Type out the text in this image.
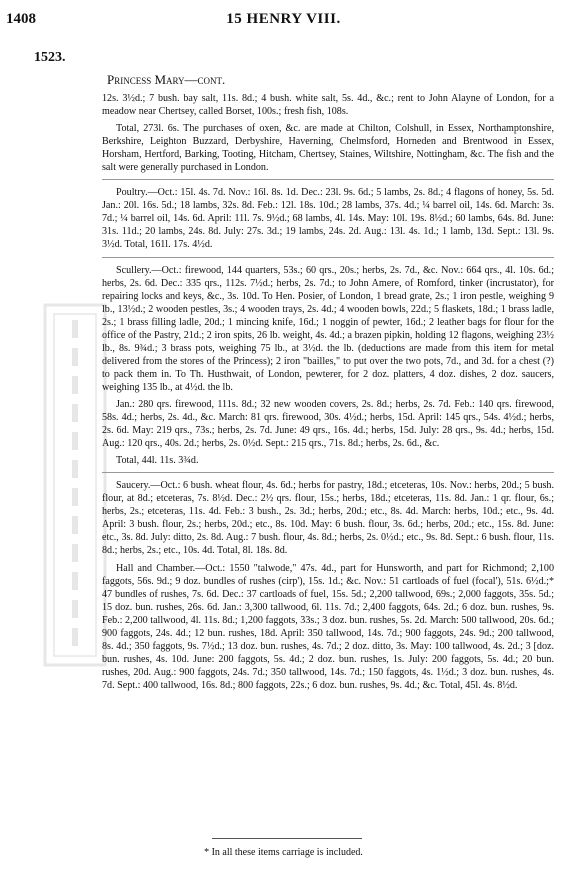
1408	15 HENRY VIII.
1523.
Princess Mary—cont.

12s. 3½d.; 7 bush. bay salt, 11s. 8d.; 4 bush. white salt, 5s. 4d., &c.; rent to John Alayne of London, for a meadow near Chertsey, called Borset, 100s.; fresh fish, 108s.

Total, 273l. 6s. The purchases of oxen, &c. are made at Chilton, Colshull, in Essex, Northamptonshire, Berkshire, Leighton Buzzard, Derbyshire, Haverning, Chelmsford, Horneden and Brentwood in Essex, Horsham, Hertford, Barking, Tooting, Hitcham, Chertsey, Staines, Wiltshire, Nottingham, &c. The fish and the salt were generally purchased in London.

Poultry.—Oct.: 15l. 4s. 7d. Nov.: 16l. 8s. 1d. Dec.: 23l. 9s. 6d.; 5 lambs, 2s. 8d.; 4 flagons of honey, 5s. 5d. Jan.: 20l. 16s. 5d.; 18 lambs, 32s. 8d. Feb.: 12l. 18s. 10d.; 28 lambs, 37s. 4d.; ¼ barrel oil, 14s. 6d. March: 3s. 7d.; ¼ barrel oil, 14s. 6d. April: 11l. 7s. 9½d.; 68 lambs, 4l. 14s. May: 10l. 19s. 8½d.; 60 lambs, 64s. 8d. June: 31s. 11d.; 20 lambs, 24s. 8d. July: 27s. 3d.; 19 lambs, 24s. 2d. Aug.: 13l. 4s. 1d.; 1 lamb, 13d. Sept.: 13l. 9s. 3½d. Total, 161l. 17s. 4½d.

Scullery.—Oct.: firewood, 144 quarters, 53s.; 60 qrs., 20s.; herbs, 2s. 7d., &c. Nov.: 664 qrs., 4l. 10s. 6d.; herbs, 2s. 6d. Dec.: 335 qrs., 112s. 7½d.; herbs, 2s. 7d.; to John Amere, of Romford, tinker (incrustator), for repairing locks and keys, &c., 3s. 10d. To Hen. Posier, of London, 1 bread grate, 2s.; 1 iron pestle, weighing 9 lb., 13½d.; 2 wooden pestles, 3s.; 4 wooden trays, 2s. 4d.; 4 wooden bowls, 22d.; 5 flaskets, 18d.; 1 brass ladle, 2s.; 1 brass filling ladle, 20d.; 1 mincing knife, 16d.; 1 noggin of pewter, 16d.; 2 leather bags for flour for the office of the Pastry, 21d.; 2 iron spits, 26 lb. weight, 4s. 4d.; a brazen pipkin, holding 12 flagons, weighing 23½ lb., 8s. 9¾d.; 3 brass pots, weighing 75 lb., at 3½d. the lb. (deductions are made from this item for metal delivered from the stores of the Princess); 2 iron "bailles," to put over the two pots, 7d., and 3d. for a chest (?) to pack them in. To Th. Husthwait, of London, pewterer, for 2 doz. platters, 4 doz. dishes, 2 doz. saucers, weighing 135 lb., at 4½d. the lb.

Jan.: 280 qrs. firewood, 111s. 8d.; 32 new wooden covers, 2s. 8d.; herbs, 2s. 7d. Feb.: 140 qrs. firewood, 58s. 4d.; herbs, 2s. 4d., &c. March: 81 qrs. firewood, 30s. 4½d.; herbs, 15d. April: 145 qrs., 54s. 4½d.; herbs, 2s. 6d. May: 219 qrs., 73s.; herbs, 2s. 7d. June: 49 qrs., 16s. 4d.; herbs, 15d. July: 28 qrs., 9s. 4d.; herbs, 15d. Aug.: 120 qrs., 40s. 2d.; herbs, 2s. 0½d. Sept.: 215 qrs., 71s. 8d.; herbs, 2s. 6d., &c.

Total, 44l. 11s. 3¾d.

Saucery.—Oct.: 6 bush. wheat flour, 4s. 6d.; herbs for pastry, 18d.; etceteras, 10s. Nov.: herbs, 20d.; 5 bush. flour, at 8d.; etceteras, 7s. 8½d. Dec.: 2½ qrs. flour, 15s.; herbs, 18d.; etceteras, 11s. 8d. Jan.: 1 qr. flour, 6s.; herbs, 2s.; etceteras, 11s. 4d. Feb.: 3 bush., 2s. 3d.; herbs, 20d.; etc., 8s. 4d. March: herbs, 10d.; etc., 9s. 4d. April: 3 bush. flour, 2s.; herbs, 20d.; etc., 8s. 10d. May: 6 bush. flour, 3s. 6d.; herbs, 20d.; etc., 15s. 8d. June: etc., 3s. 8d. July: ditto, 2s. 8d. Aug.: 7 bush. flour, 4s. 8d.; herbs, 2s. 0½d.; etc., 9s. 8d. Sept.: 6 bush. flour, 11s. 8d.; herbs, 2s.; etc., 10s. 4d. Total, 8l. 18s. 8d.

Hall and Chamber.—Oct.: 1550 "talwode," 47s. 4d., part for Hunsworth, and part for Richmond; 2,100 faggots, 56s. 9d.; 9 doz. bundles of rushes (cirp'), 15s. 1d.; &c. Nov.: 51 cartloads of fuel (focal'), 51s. 6½d.;* 47 bundles of rushes, 7s. 6d. Dec.: 37 cartloads of fuel, 15s. 5d.; 2,200 tallwood, 69s.; 2,000 faggots, 35s. 5d.; 15 doz. bun. rushes, 26s. 6d. Jan.: 3,300 tallwood, 6l. 11s. 7d.; 2,400 faggots, 64s. 2d.; 6 doz. bun. rushes, 9s. Feb.: 2,200 tallwood, 4l. 11s. 8d.; 1,200 faggots, 33s.; 3 doz. bun. rushes, 5s. 2d. March: 500 tallwood, 20s. 6d.; 900 faggots, 24s. 4d.; 12 bun. rushes, 18d. April: 350 tallwood, 14s. 7d.; 900 faggots, 24s. 9d.; 200 tallwood, 8s. 4d.; 350 faggots, 9s. 7½d.; 13 doz. bun. rushes, 4s. 7d.; 2 doz. ditto, 3s. May: 100 tallwood, 4s. 2d.; 3 [doz. bun. rushes, 4s. 10d. June: 200 faggots, 5s. 4d.; 2 doz. bun. rushes, 1s. July: 200 faggots, 5s. 4d.; 20 bun. rushes, 20d. Aug.: 900 faggots, 24s. 7d.; 350 tallwood, 14s. 7d.; 150 faggots, 4s. 1½d.; 3 doz. bun. rushes, 4s. 7d. Sept.: 400 tallwood, 16s. 8d.; 800 faggots, 22s.; 6 doz. bun. rushes, 9s. 4d.; &c. Total, 45l. 4s. 8½d.

* In all these items carriage is included.
